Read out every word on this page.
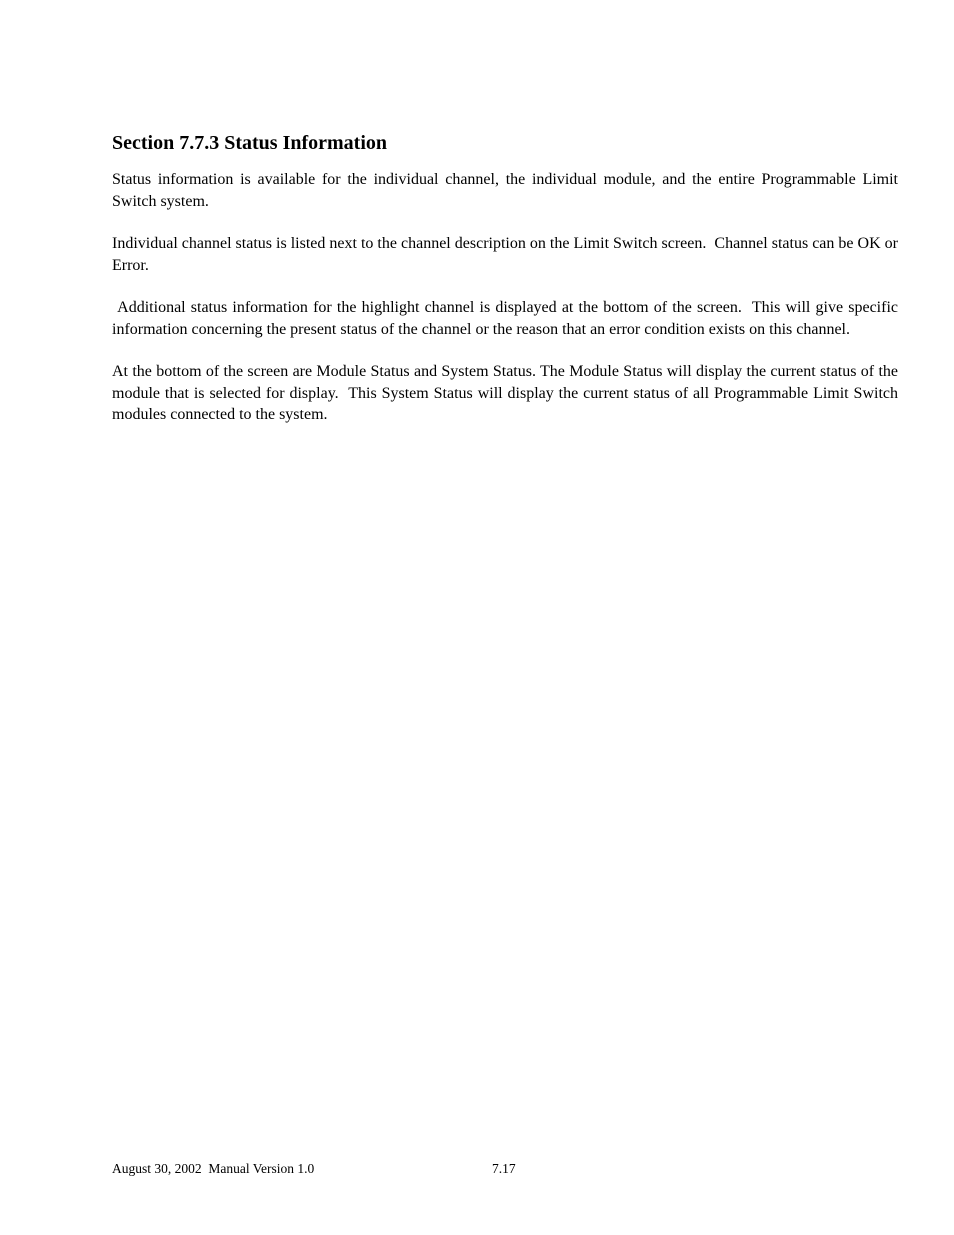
Section 7.7.3 Status Information

Status information is available for the individual channel, the individual module, and the entire Programmable Limit Switch system.

Individual channel status is listed next to the channel description on the Limit Switch screen.  Channel status can be OK or Error.

Additional status information for the highlight channel is displayed at the bottom of the screen.  This will give specific information concerning the present status of the channel or the reason that an error condition exists on this channel.

At the bottom of the screen are Module Status and System Status. The Module Status will display the current status of the module that is selected for display.  This System Status will display the current status of all Programmable Limit Switch modules connected to the system.

August 30, 2002  Manual Version 1.0	7.17
